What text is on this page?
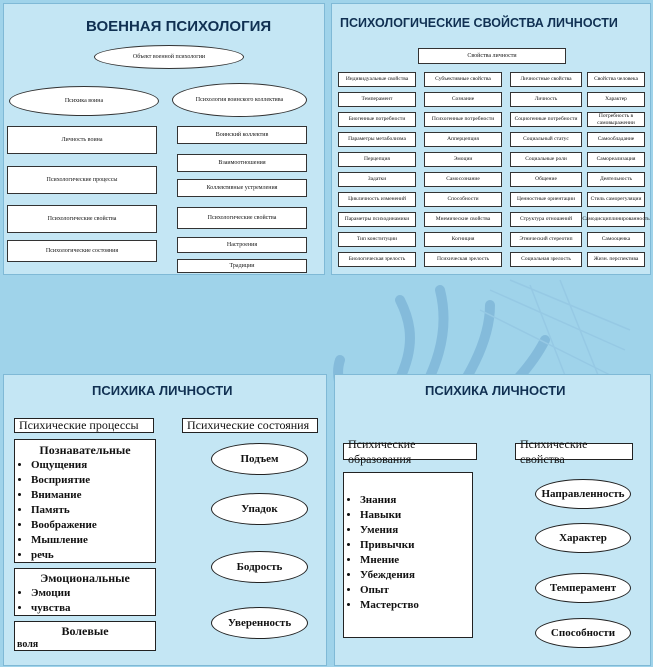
ВОЕННАЯ ПСИХОЛОГИЯ
Объект военной психологии
Психика воина	Психология воинского коллектива
Личность воина
Психологические процессы
Психологические свойства
Психологические состояния
Воинский коллектив
Взаимоотношения
Коллективные устремления
Психологические свойства
Настроения
Традиции
ПСИХОЛОГИЧЕСКИЕ СВОЙСТВА ЛИЧНОСТИ
Свойства личности
Индивидуальные свойства
Темперамент
Биогенные потребности
Параметры метаболизма
Перцепция
Задатки
Цикличность изменений
Параметры психодинамики
Тип конституции
Биологическая зрелость
Субъективные свойства
Сознание
Психогенные потребности
Апперцепция
Эмоции
Самосознание
Способности
Мнемические свойства
Когниция
Психическая зрелость
Личностные свойства
Личность
Социогенные потребности
Социальный статус
Социальные роли
Общение
Ценностные ориентации
Структура отношений
Этнический стереотип
Социальная зрелость
Свойства человека
Характер
Потребность в самовыражении
Самообладание
Самореализация
Деятельность
Стиль саморегуляции
Самодисциплинированность
Самооценка
Жизн. перспектива
ПСИХИКА ЛИЧНОСТИ
Психические процессы
Познавательные
• Ощущения
• Восприятие
• Внимание
• Память
• Воображение
• Мышление
• речь
Эмоциональные
• Эмоции
• чувства
Волевые
воля
Психические состояния
Подъем
Упадок
Бодрость
Уверенность
ПСИХИКА ЛИЧНОСТИ
Психические образования
• Знания
• Навыки
• Умения
• Привычки
• Мнение
• Убеждения
• Опыт
• Мастерство
Психические свойства
Направленность
Характер
Темперамент
Способности
